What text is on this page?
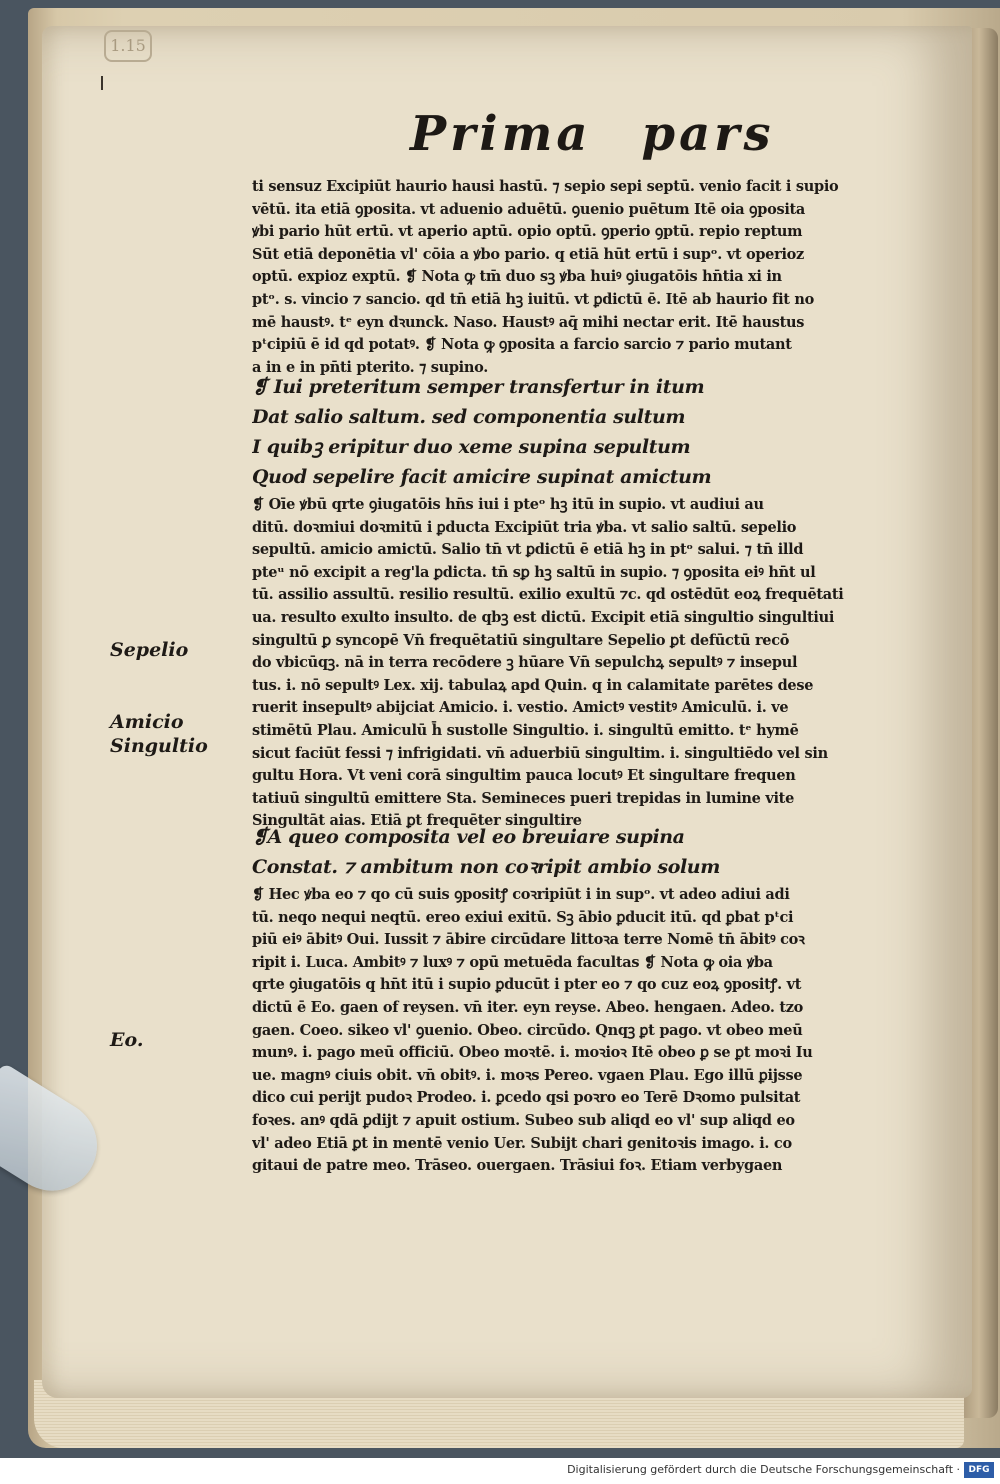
1.15
Prima pars
ti sensuz Excipiūt haurio hausi hastū. ⁊ sepio sepi septū. venio facit i supio
vētū. ita etiā ꝯposita. vt aduenio aduētū. ꝯuenio puētum Itē oia ꝯposita
ꝟbi pario hūt ertū. vt aperio aptū. opio optū. ꝯperio ꝯptū. repio reptum
Sūt etiā deponētia vl' cōia a ꝟbo pario. q etiā hūt ertū i supᵒ. vt operioz
optū. expioz exptū. ❡ Nota ꝙ tm̄ duo sꝫ ꝟba huiꝰ ꝯiugatōis hn̄tia xi in
ptᵒ. s. vincio ⁊ sancio. qd tn̄ etiā hꝫ iuitū. vt ꝑdictū ē. Itē ab haurio fit no
mē haustꝰ. tᵉ eyn dꝛunck. Naso. Haustꝰ aq̄ mihi nectar erit. Itē haustus
pᵗcipiū ē id qd potatꝰ. ❡ Nota ꝙ ꝯposita a farcio sarcio ⁊ pario mutant
a in e in pn̄ti pterito. ⁊ supino.
❡ Iui preteritum semper transfertur in itum
Dat salio saltum. sed componentia sultum
I quibꝫ eripitur duo xeme supina sepultum
Quod sepelire facit amicire supinat amictum
❡ Oīe ꝟbū qrte ꝯiugatōis hn̄s iui i pteᵒ hꝫ itū in supio. vt audiui au
ditū. doꝛmiui doꝛmitū i ꝑducta Excipiūt tria ꝟba. vt salio saltū. sepelio
sepultū. amicio amictū. Salio tn̄ vt ꝑdictū ē etiā hꝫ in ptᵒ salui. ⁊ tn̄ illd
pteᵘ nō excipit a reg'la ꝑdicta. tn̄ sꝑ hꝫ saltū in supio. ⁊ ꝯposita eiꝰ hn̄t ul
tū. assilio assultū. resilio resultū. exilio exultū ⁊c. qd ostēdūt eoꝝ frequētati
ua. resulto exulto insulto. de qbꝫ est dictū. Excipit etiā singultio singultiui
singultū ꝑ syncopē Vn̄ frequētatiū singultare Sepelio ꝑt defūctū recō
do vbicūqꝫ. nā in terra recōdere ꝫ hūare Vn̄ sepulchꝝ sepultꝰ ⁊ insepul
tus. i. nō sepultꝰ Lex. xij. tabulaꝝ apd Quin. q in calamitate parētes dese
ruerit insepultꝰ abijciat Amicio. i. vestio. Amictꝰ vestitꝰ Amiculū. i. ve
stimētū Plau. Amiculū h̄ sustolle Singultio. i. singultū emitto. tᵉ hymē
sicut faciūt fessi ⁊ infrigidati. vn̄ aduerbiū singultim. i. singultiēdo vel sin
gultu Hora. Vt veni corā singultim pauca locutꝰ Et singultare frequen
tatiuū singultū emittere Sta. Semineces pueri trepidas in lumine vite
Singultāt aias. Etiā ꝑt frequēter singultire
❡A queo composita vel eo breuiare supina
Constat. ⁊ ambitum non coꝛripit ambio solum
❡ Hec ꝟba eo ⁊ qo cū suis ꝯpositꝭ coꝛripiūt i in supᵒ. vt adeo adiui adi
tū. neqo nequi neqtū. ereo exiui exitū. Sꝫ ābio ꝑducit itū. qd ꝑbat pᵗci
piū eiꝰ ābitꝰ Oui. Iussit ⁊ ābire circūdare littoꝛa terre Nomē tn̄ ābitꝰ coꝛ
ripit i. Luca. Ambitꝰ ⁊ luxꝰ ⁊ opū metuēda facultas ❡ Nota ꝙ oia ꝟba
qrte ꝯiugatōis q hn̄t itū i supio ꝑducūt i pter eo ⁊ qo cuz eoꝝ ꝯpositꝭ. vt
dictū ē Eo. gaen of reysen. vn̄ iter. eyn reyse. Abeo. hengaen. Adeo. tzo
gaen. Coeo. sikeo vl' ꝯuenio. Obeo. circūdo. Qnqꝫ ꝑt pago. vt obeo meū
munꝰ. i. pago meū officiū. Obeo moꝛtē. i. moꝛioꝛ Itē obeo ꝑ se ꝑt moꝛi Iu
ue. magnꝰ ciuis obit. vn̄ obitꝰ. i. moꝛs Pereo. vgaen Plau. Ego illū ꝑijsse
dico cui perijt pudoꝛ Prodeo. i. ꝑcedo qsi poꝛro eo Terē Dꝛomo pulsitat
foꝛes. anꝰ qdā ꝑdijt ⁊ apuit ostium. Subeo sub aliqd eo vl' sup aliqd eo
vl' adeo Etiā ꝑt in mentē venio Uer. Subijt chari genitoꝛis imago. i. co
gitaui de patre meo. Trāseo. ouergaen. Trāsiui foꝛ. Etiam verbygaen
Sepelio
Amicio
Singultio
Eo.
Digitalisierung gefördert durch die Deutsche Forschungsgemeinschaft · DFG
